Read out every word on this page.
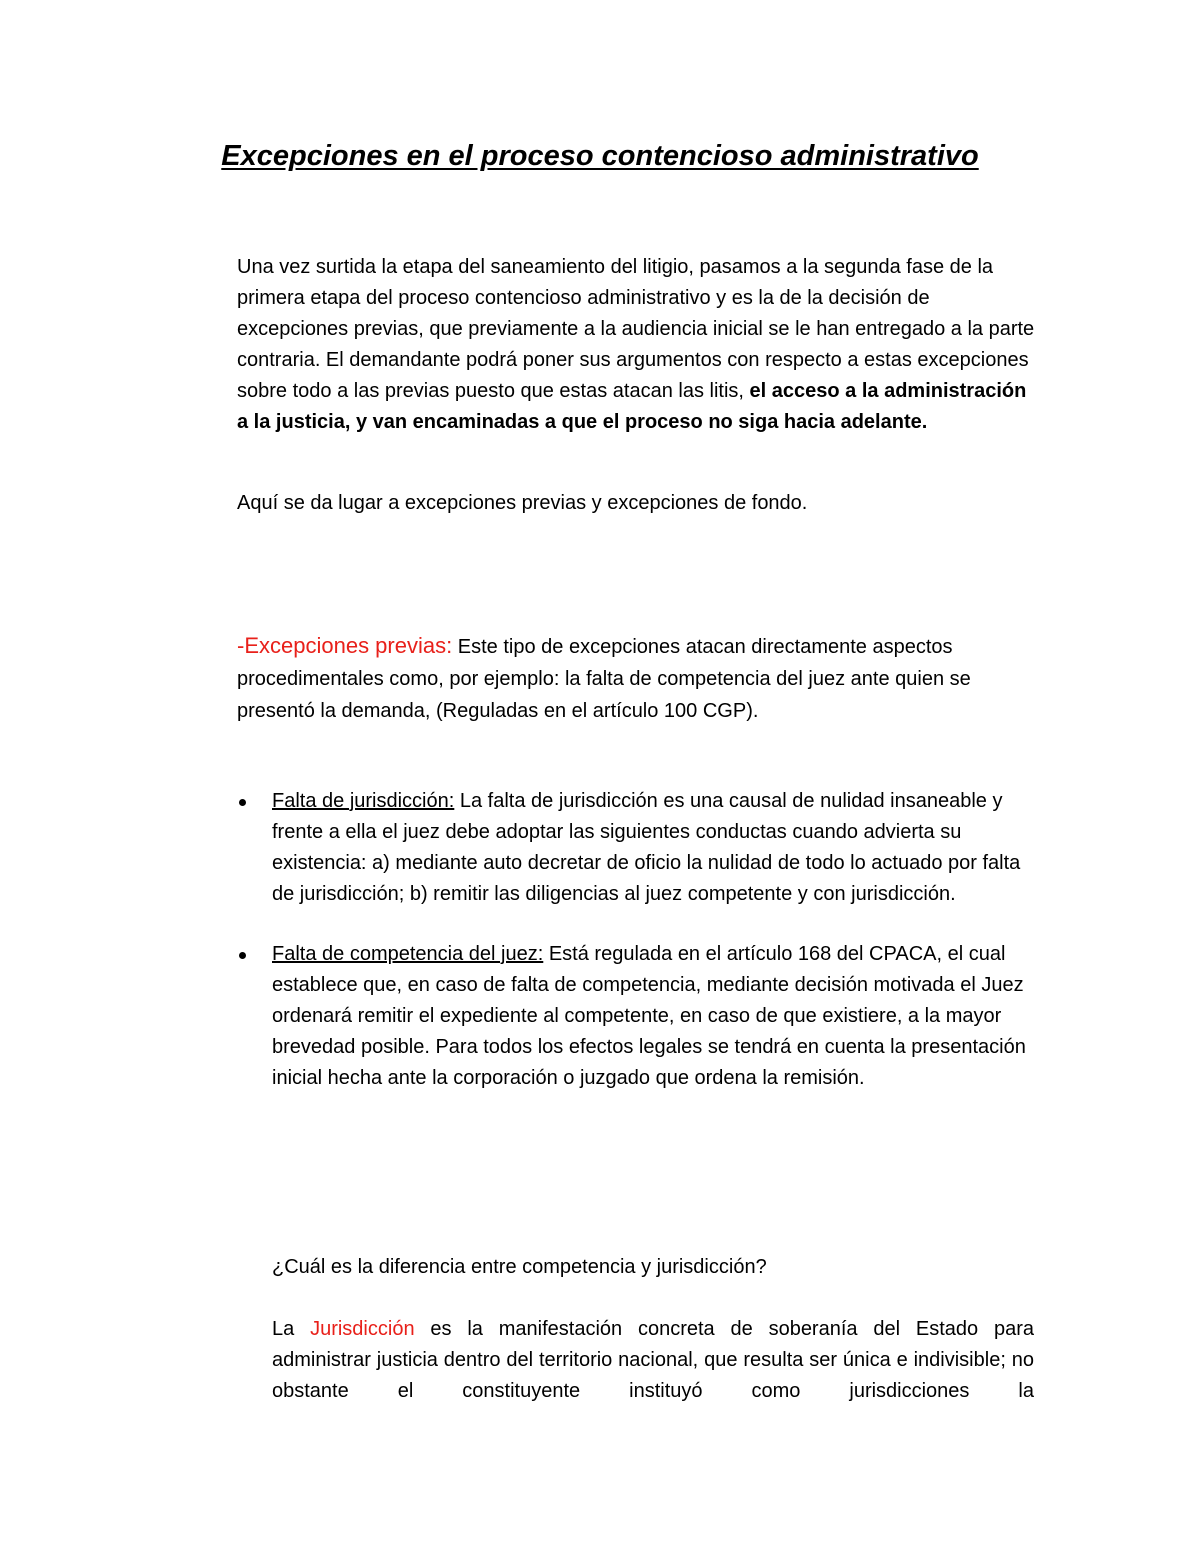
Excepciones en el proceso contencioso administrativo

Una vez surtida la etapa del saneamiento del litigio, pasamos a la segunda fase de la primera etapa del proceso contencioso administrativo y es la de la decisión de excepciones previas, que previamente a la audiencia inicial se le han entregado a la parte contraria. El demandante podrá poner sus argumentos con respecto a estas excepciones sobre todo a las previas puesto que estas atacan las litis, el acceso a la administración a la justicia, y van encaminadas a que el proceso no siga hacia adelante.

Aquí se da lugar a excepciones previas y excepciones de fondo.

-Excepciones previas: Este tipo de excepciones atacan directamente aspectos procedimentales como, por ejemplo: la falta de competencia del juez ante quien se presentó la demanda, (Reguladas en el artículo 100 CGP).

Falta de jurisdicción: La falta de jurisdicción es una causal de nulidad insaneable y frente a ella el juez debe adoptar las siguientes conductas cuando advierta su existencia: a) mediante auto decretar de oficio la nulidad de todo lo actuado por falta de jurisdicción; b) remitir las diligencias al juez competente y con jurisdicción.
Falta de competencia del juez: Está regulada en el artículo 168 del CPACA, el cual establece que, en caso de falta de competencia, mediante decisión motivada el Juez ordenará remitir el expediente al competente, en caso de que existiere, a la mayor brevedad posible. Para todos los efectos legales se tendrá en cuenta la presentación inicial hecha ante la corporación o juzgado que ordena la remisión.

¿Cuál es la diferencia entre competencia y jurisdicción?

La Jurisdicción es la manifestación concreta de soberanía del Estado para administrar justicia dentro del territorio nacional, que resulta ser única e indivisible; no obstante el constituyente instituyó como jurisdicciones la
